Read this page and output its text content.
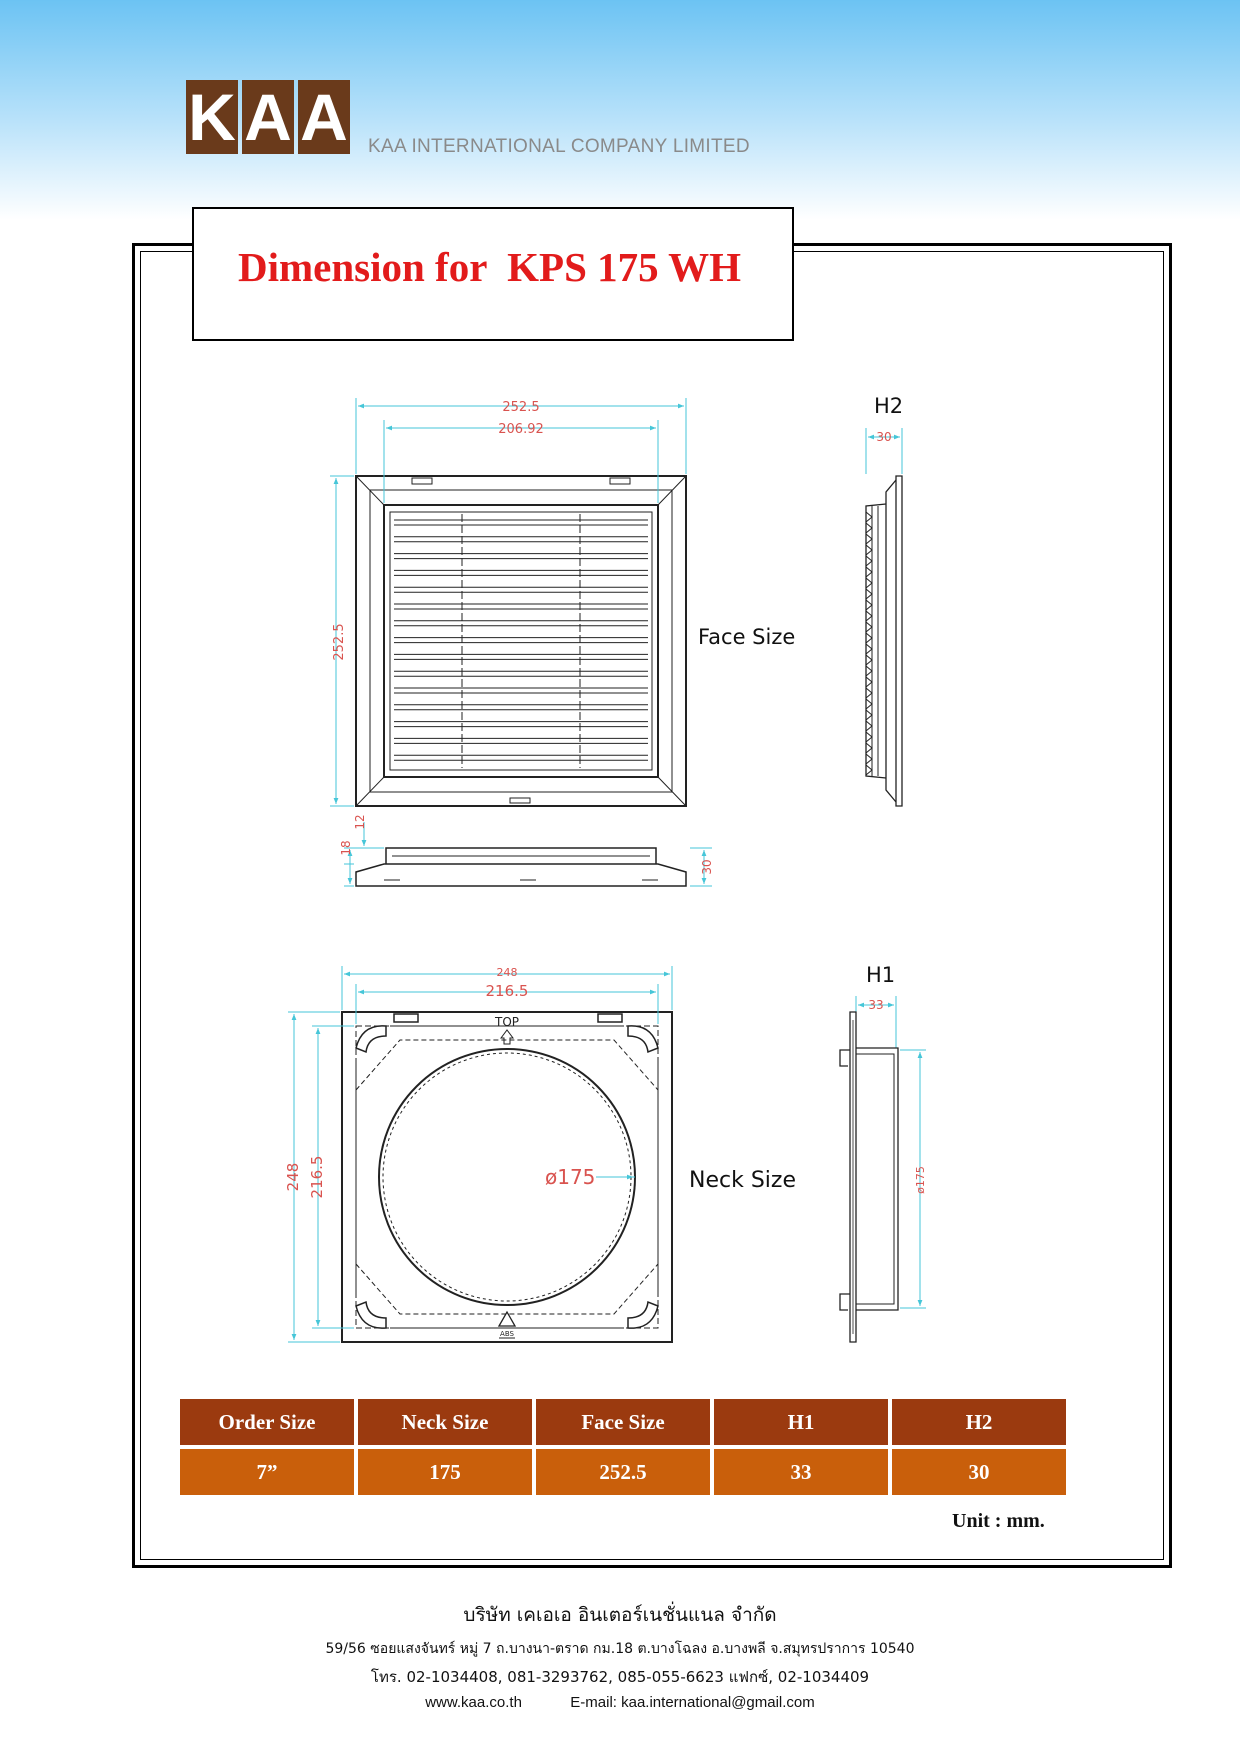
K A A KAA INTERNATIONAL COMPANY LIMITED
Dimension for  KPS 175 WH
252.5
206.92
252.5
12
18
30
Face Size
H2
30
TOP
ABS
248
216.5
248 216.5	ø175	Neck Size
H1
33
ø175
Order Size	Neck Size	Face Size	H1	H2
7”	175	252.5	33	30
Unit : mm.
บริษัท เคเอเอ อินเตอร์เนชั่นแนล จำกัด
59/56 ซอยแสงจันทร์ หมู่ 7 ถ.บางนา-ตราด กม.18 ต.บางโฉลง อ.บางพลี จ.สมุทรปราการ 10540
โทร. 02-1034408, 081-3293762, 085-055-6623 แฟกซ์, 02-1034409
www.kaa.co.th	E-mail: kaa.international@gmail.com
